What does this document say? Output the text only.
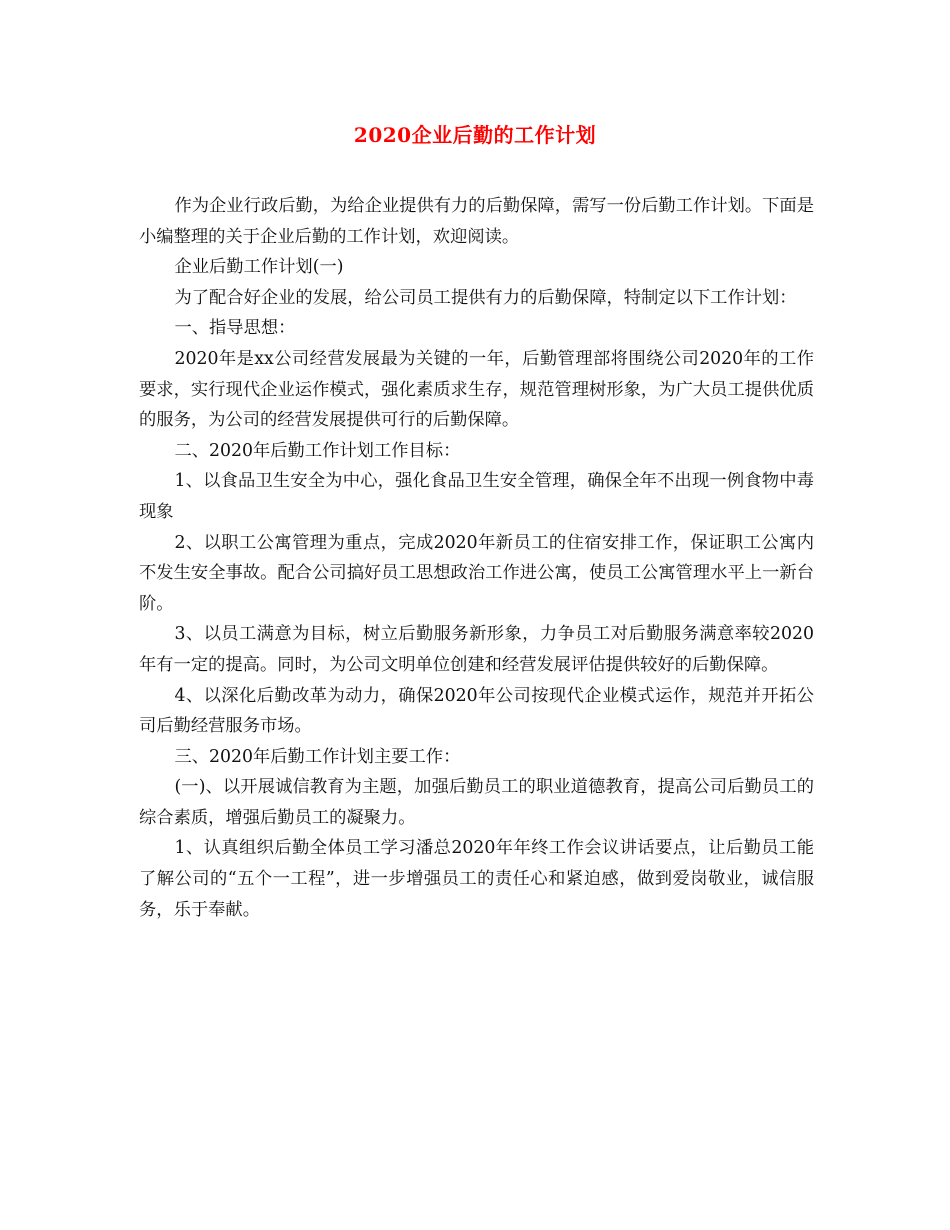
2020企业后勤的工作计划

作为企业行政后勤，为给企业提供有力的后勤保障，需写一份后勤工作计划。下面是小编整理的关于企业后勤的工作计划，欢迎阅读。

企业后勤工作计划(一)

为了配合好企业的发展，给公司员工提供有力的后勤保障，特制定以下工作计划：

一、指导思想：

2020年是xx公司经营发展最为关键的一年，后勤管理部将围绕公司2020年的工作要求，实行现代企业运作模式，强化素质求生存，规范管理树形象，为广大员工提供优质的服务，为公司的经营发展提供可行的后勤保障。

二、2020年后勤工作计划工作目标：

1、以食品卫生安全为中心，强化食品卫生安全管理，确保全年不出现一例食物中毒现象

2、以职工公寓管理为重点，完成2020年新员工的住宿安排工作，保证职工公寓内不发生安全事故。配合公司搞好员工思想政治工作进公寓，使员工公寓管理水平上一新台阶。

3、以员工满意为目标，树立后勤服务新形象，力争员工对后勤服务满意率较2020年有一定的提高。同时，为公司文明单位创建和经营发展评估提供较好的后勤保障。

4、以深化后勤改革为动力，确保2020年公司按现代企业模式运作，规范并开拓公司后勤经营服务市场。

三、2020年后勤工作计划主要工作：

(一)、以开展诚信教育为主题，加强后勤员工的职业道德教育，提高公司后勤员工的综合素质，增强后勤员工的凝聚力。

1、认真组织后勤全体员工学习潘总2020年年终工作会议讲话要点，让后勤员工能了解公司的“五个一工程”，进一步增强员工的责任心和紧迫感，做到爱岗敬业，诚信服务，乐于奉献。
